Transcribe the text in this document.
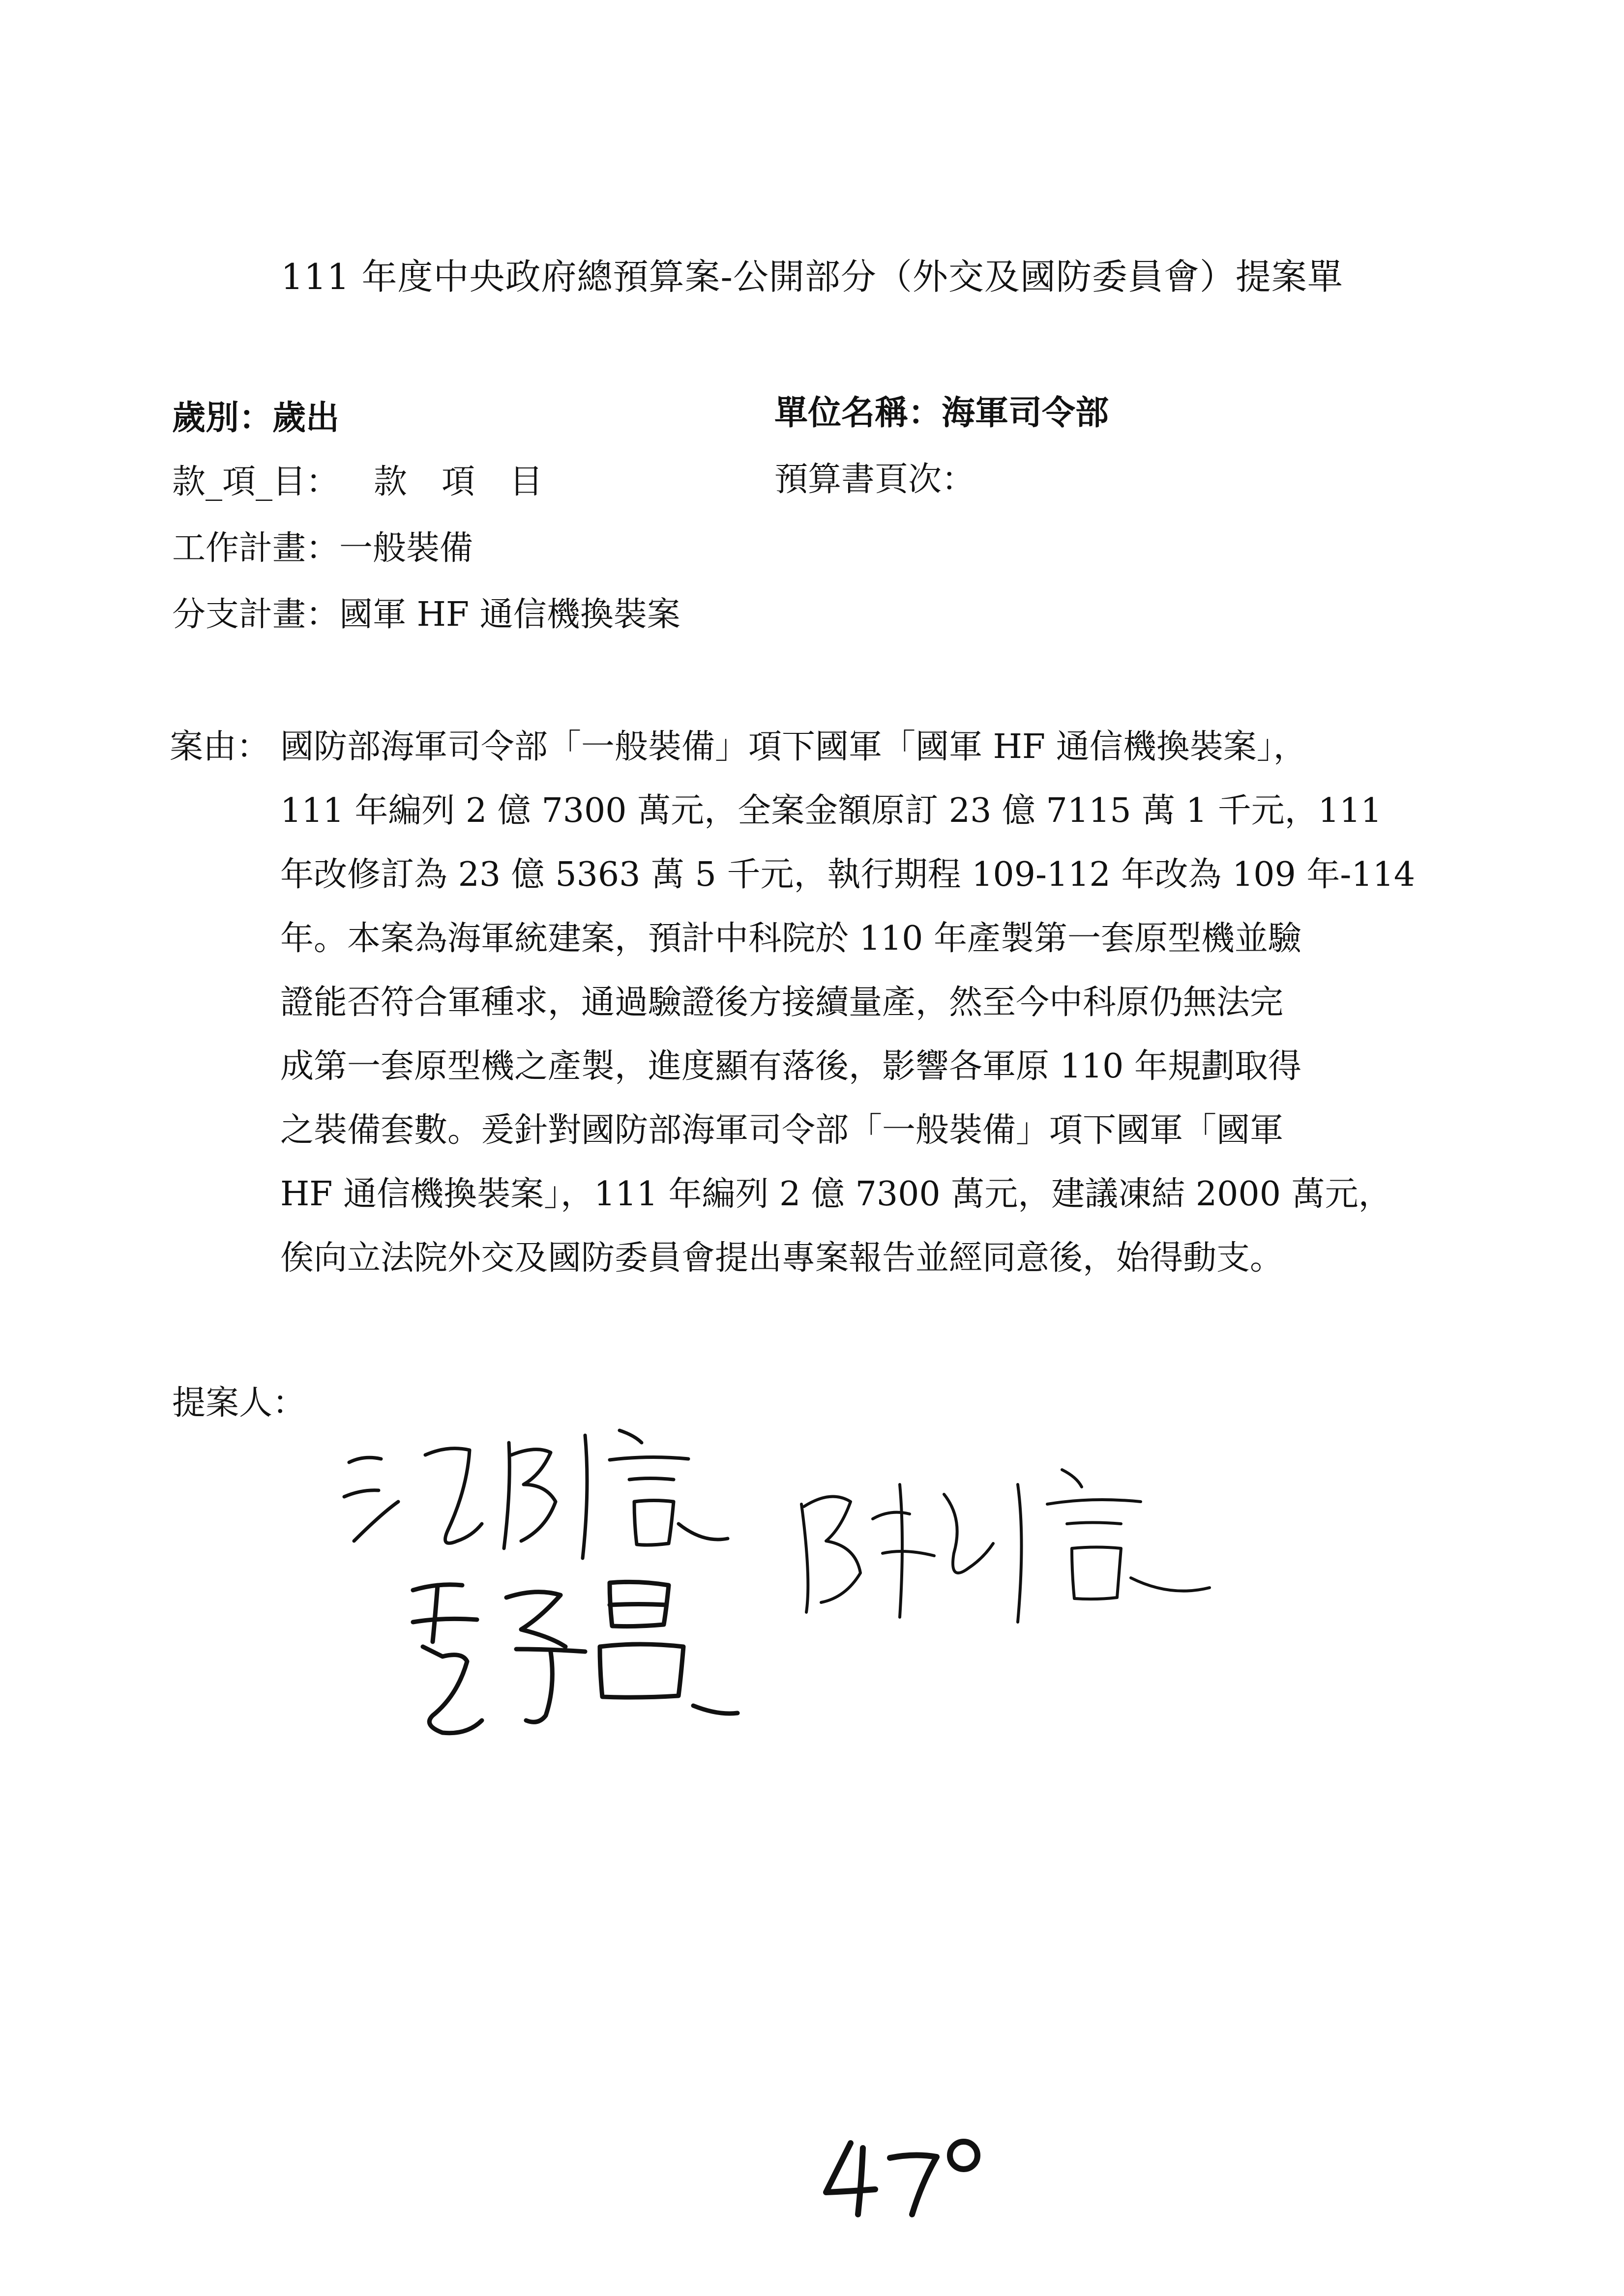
111 年度中央政府總預算案-公開部分（外交及國防委員會）提案單
歲別：歲出	單位名稱：海軍司令部
款_項_目： 款 項 目	預算書頁次：
工作計畫：一般裝備
分支計畫：國軍 HF 通信機換裝案
案由： 國防部海軍司令部「一般裝備」項下國軍「國軍 HF 通信機換裝案」，
111 年編列 2 億 7300 萬元，全案金額原訂 23 億 7115 萬 1 千元，111
年改修訂為 23 億 5363 萬 5 千元，執行期程 109-112 年改為 109 年-114
年。本案為海軍統建案，預計中科院於 110 年產製第一套原型機並驗
證能否符合軍種求，通過驗證後方接續量產，然至今中科原仍無法完
成第一套原型機之產製，進度顯有落後，影響各軍原 110 年規劃取得
之裝備套數。爰針對國防部海軍司令部「一般裝備」項下國軍「國軍
HF 通信機換裝案」，111 年編列 2 億 7300 萬元，建議凍結 2000 萬元，
俟向立法院外交及國防委員會提出專案報告並經同意後，始得動支。
提案人：
